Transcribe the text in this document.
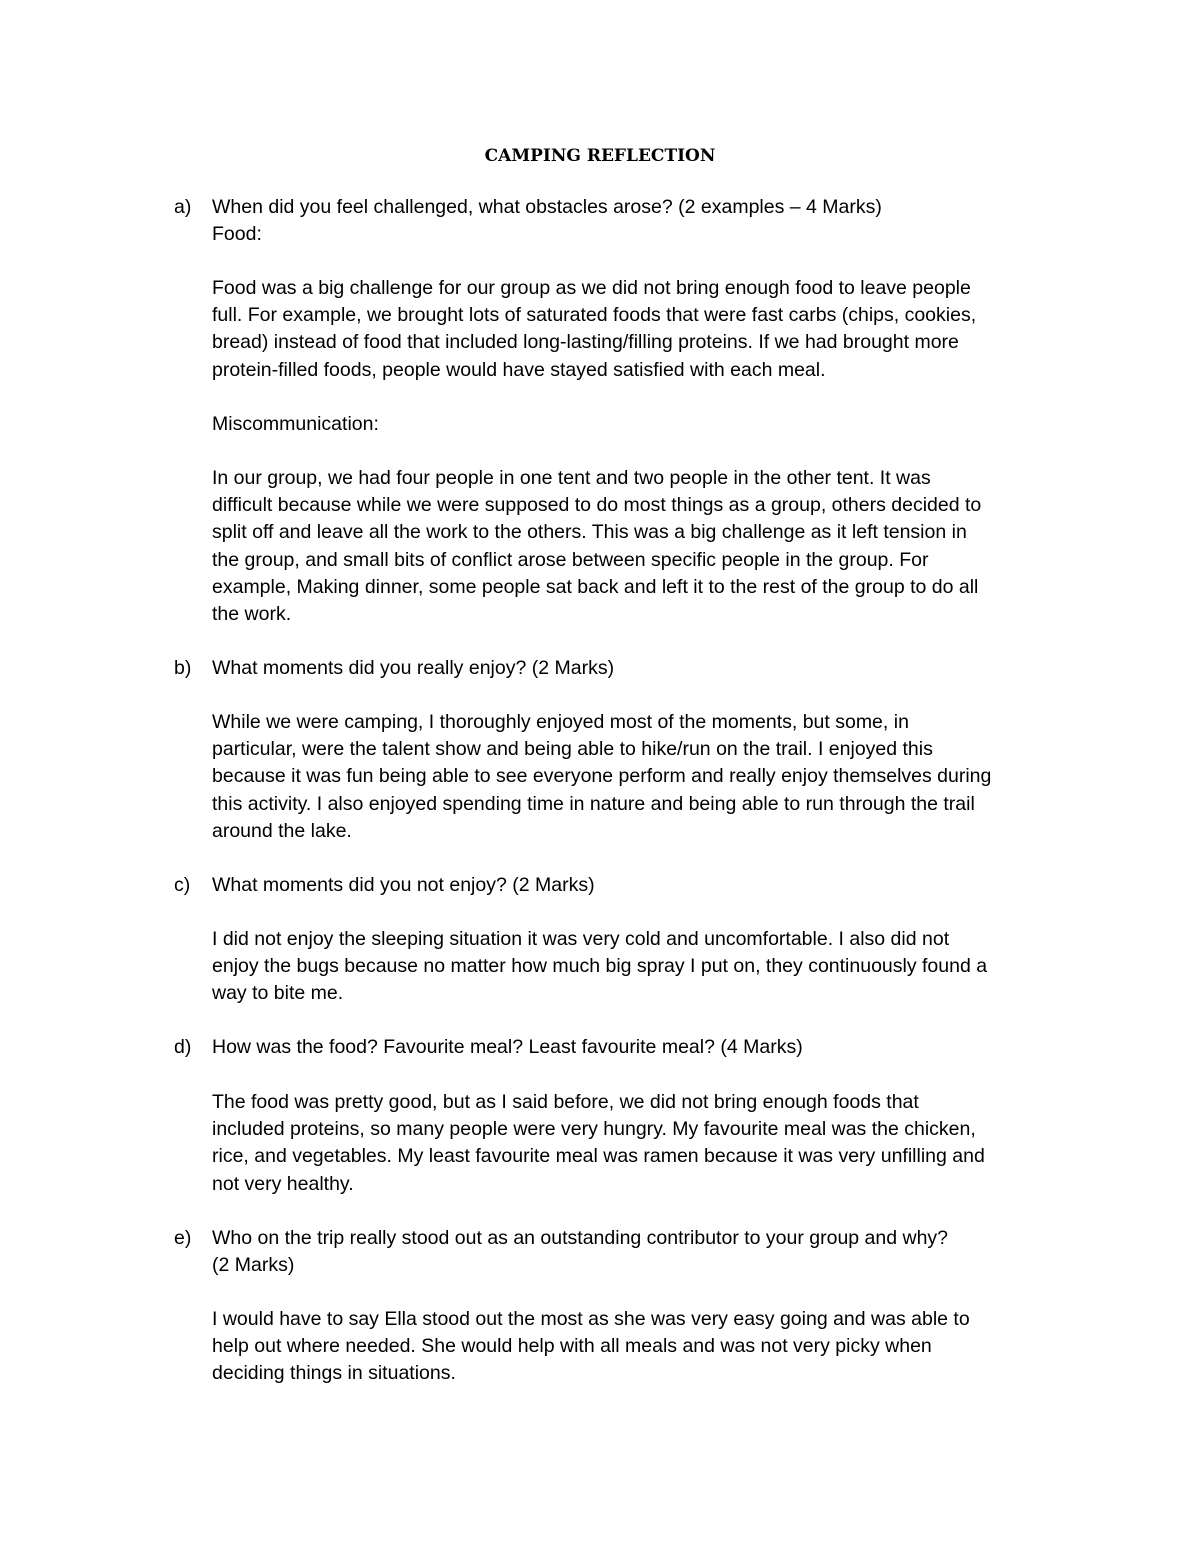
CAMPING REFLECTION
a) When did you feel challenged, what obstacles arose? (2 examples – 4 Marks)
Food:
Food was a big challenge for our group as we did not bring enough food to leave people
full. For example, we brought lots of saturated foods that were fast carbs (chips, cookies,
bread) instead of food that included long-lasting/filling proteins. If we had brought more
protein-filled foods, people would have stayed satisfied with each meal.
Miscommunication:
In our group, we had four people in one tent and two people in the other tent. It was
difficult because while we were supposed to do most things as a group, others decided to
split off and leave all the work to the others. This was a big challenge as it left tension in
the group, and small bits of conflict arose between specific people in the group. For
example, Making dinner, some people sat back and left it to the rest of the group to do all
the work.
b) What moments did you really enjoy? (2 Marks)
While we were camping, I thoroughly enjoyed most of the moments, but some, in
particular, were the talent show and being able to hike/run on the trail. I enjoyed this
because it was fun being able to see everyone perform and really enjoy themselves during
this activity. I also enjoyed spending time in nature and being able to run through the trail
around the lake.
c) What moments did you not enjoy? (2 Marks)
I did not enjoy the sleeping situation it was very cold and uncomfortable. I also did not
enjoy the bugs because no matter how much big spray I put on, they continuously found a
way to bite me.
d) How was the food? Favourite meal? Least favourite meal? (4 Marks)
The food was pretty good, but as I said before, we did not bring enough foods that
included proteins, so many people were very hungry. My favourite meal was the chicken,
rice, and vegetables. My least favourite meal was ramen because it was very unfilling and
not very healthy.
e) Who on the trip really stood out as an outstanding contributor to your group and why?
(2 Marks)
I would have to say Ella stood out the most as she was very easy going and was able to
help out where needed. She would help with all meals and was not very picky when
deciding things in situations.
